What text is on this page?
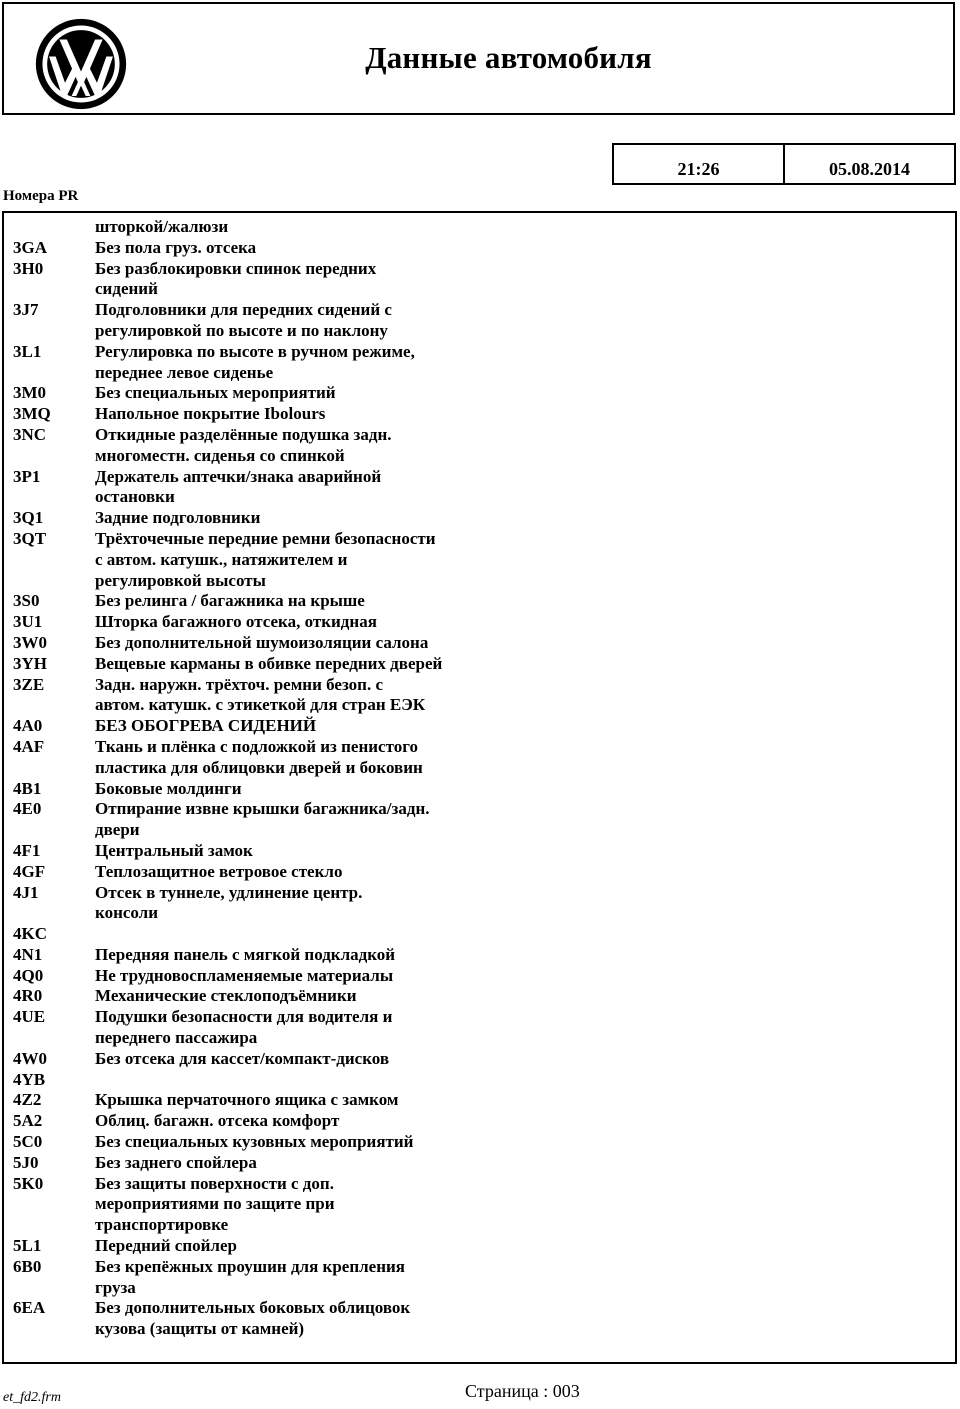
Данные автомобиля
21:26	05.08.2014
Номера PR
шторкой/жалюзи
3GA	Без пола груз. отсека
3H0	Без разблокировки спинок передних
сидений
3J7	Подголовники для передних сидений с
регулировкой по высоте и по наклону
3L1	Регулировка по высоте в ручном режиме,
переднее левое сиденье
3M0	Без специальных мероприятий
3MQ	Напольное покрытие Ibolours
3NC	Откидные разделённые подушка задн.
многоместн. сиденья со спинкой
3P1	Держатель аптечки/знака аварийной
остановки
3Q1	Задние подголовники
3QT	Трёхточечные передние ремни безопасности
с автом. катушк., натяжителем и
регулировкой высоты
3S0	Без релинга / багажника на крыше
3U1	Шторка багажного отсека, откидная
3W0	Без дополнительной шумоизоляции салона
3YH	Вещевые карманы в обивке передних дверей
3ZE	Задн. наружн. трёхточ. ремни безоп. с
автом. катушк. с этикеткой для стран ЕЭК
4A0	БЕЗ ОБОГРЕВА СИДЕНИЙ
4AF	Ткань и плёнка с подложкой из пенистого
пластика для облицовки дверей и боковин
4B1	Боковые молдинги
4E0	Отпирание извне крышки багажника/задн.
двери
4F1	Центральный замок
4GF	Теплозащитное ветровое стекло
4J1	Отсек в туннеле, удлинение центр.
консоли
4KC
4N1	Передняя панель с мягкой подкладкой
4Q0	Не трудновоспламеняемые материалы
4R0	Механические стеклоподъёмники
4UE	Подушки безопасности для водителя и
переднего пассажира
4W0	Без отсека для кассет/компакт-дисков
4YB
4Z2	Крышка перчаточного ящика с замком
5A2	Облиц. багажн. отсека комфорт
5C0	Без специальных кузовных мероприятий
5J0	Без заднего спойлера
5K0	Без защиты поверхности с доп.
мероприятиями по защите при
транспортировке
5L1	Передний спойлер
6B0	Без крепёжных проушин для крепления
груза
6EA	Без дополнительных боковых облицовок
кузова (защиты от камней)
et_fd2.frm	Страница : 003
